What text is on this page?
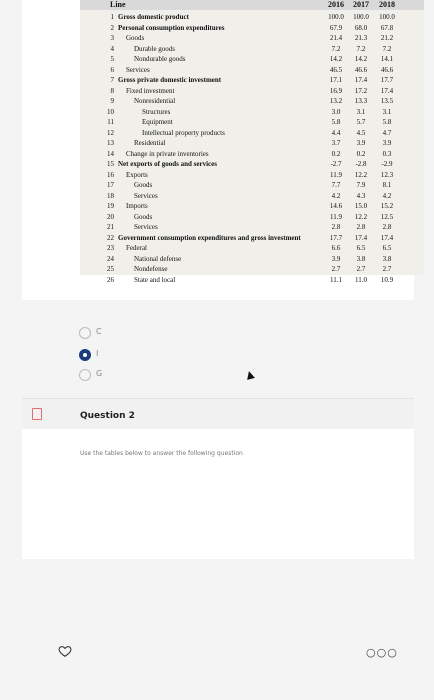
Line	2016 2017 2018
1 Gross domestic product	100.0	100.0	100.0
2 Personal consumption expenditures	67.9	68.0	67.8
3 Goods	21.4	21.3	21.2
4	Durable goods	7.2	7.2	7.2
5	Nondurable goods	14.2	14.2	14.1
6 Services	46.5	46.6	46.6
7 Gross private domestic investment	17.1	17.4	17.7
8 Fixed investment	16.9	17.2	17.4
9	Nonresidential	13.2	13.3	13.5
10	Structures	3.0	3.1	3.1
11	Equipment	5.8	5.7	5.8
12	Intellectual property products	4.4	4.5	4.7
13	Residential	3.7	3.9	3.9
14 Change in private inventories	0.2	0.2	0.3
15 Net exports of goods and services	-2.7	-2.8	-2.9
16 Exports	11.9	12.2	12.3
17	Goods	7.7	7.9	8.1
18	Services	4.2	4.3	4.2
19 Imports	14.6	15.0	15.2
20	Goods	11.9	12.2	12.5
21	Services	2.8	2.8	2.8
22 Government consumption expenditures and gross investment	17.7	17.4	17.4
23 Federal	6.6	6.5	6.5
24	National defense	3.9	3.8	3.8
25	Nondefense	2.7	2.7	2.7
26	State and local	11.1	11.0	10.9
C
I
G
Question 2
Use the tables below to answer the following question
○○○
